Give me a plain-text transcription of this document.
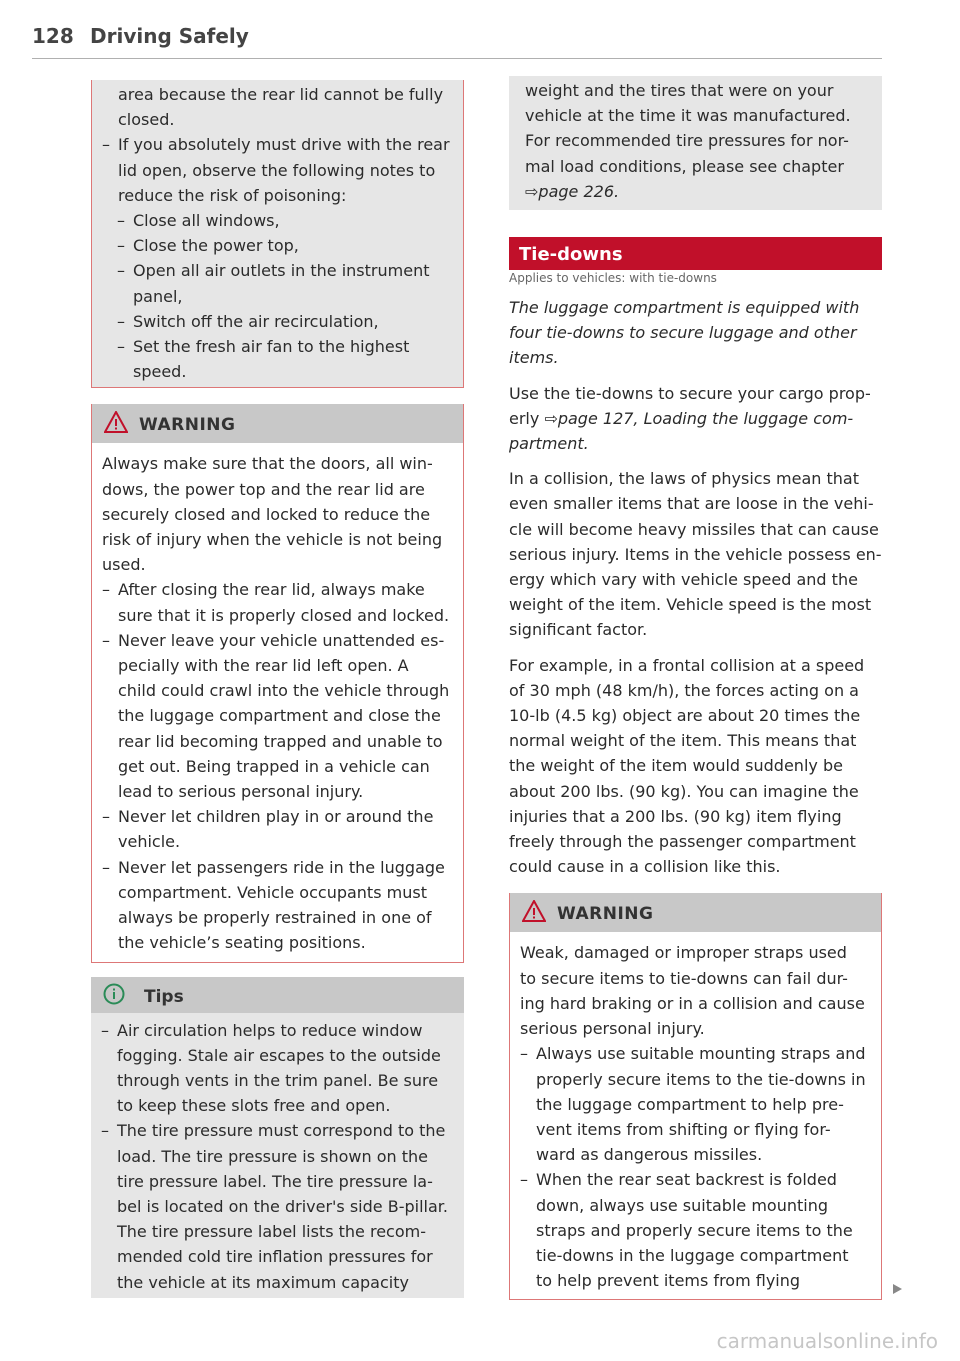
128 Driving Safely

area because the rear lid cannot be fully
closed.

– If you absolutely must drive with the rear
lid open, observe the following notes to
reduce the risk of poisoning:

– Close all windows,

– Close the power top,

– Open all air outlets in the instrument
panel,

– Switch off the air recirculation,

– Set the fresh air fan to the highest
speed.

WARNING

Always make sure that the doors, all win-
dows, the power top and the rear lid are
securely closed and locked to reduce the
risk of injury when the vehicle is not being
used.

– After closing the rear lid, always make
sure that it is properly closed and locked.

– Never leave your vehicle unattended es-
pecially with the rear lid left open. A
child could crawl into the vehicle through
the luggage compartment and close the
rear lid becoming trapped and unable to
get out. Being trapped in a vehicle can
lead to serious personal injury.

– Never let children play in or around the
vehicle.

– Never let passengers ride in the luggage
compartment. Vehicle occupants must
always be properly restrained in one of
the vehicle’s seating positions.

Tips

– Air circulation helps to reduce window
fogging. Stale air escapes to the outside
through vents in the trim panel. Be sure
to keep these slots free and open.

– The tire pressure must correspond to the
load. The tire pressure is shown on the
tire pressure label. The tire pressure la-
bel is located on the driver's side B-pillar.
The tire pressure label lists the recom-
mended cold tire inflation pressures for
the vehicle at its maximum capacity

weight and the tires that were on your
vehicle at the time it was manufactured.
For recommended tire pressures for nor-
mal load conditions, please see chapter
⇨page 226.

Tie-downs

Applies to vehicles: with tie-downs

The luggage compartment is equipped with
four tie-downs to secure luggage and other
items.

Use the tie-downs to secure your cargo prop-
erly ⇨page 127, Loading the luggage com-
partment.

In a collision, the laws of physics mean that
even smaller items that are loose in the vehi-
cle will become heavy missiles that can cause
serious injury. Items in the vehicle possess en-
ergy which vary with vehicle speed and the
weight of the item. Vehicle speed is the most
significant factor.

For example, in a frontal collision at a speed
of 30 mph (48 km/h), the forces acting on a
10-lb (4.5 kg) object are about 20 times the
normal weight of the item. This means that
the weight of the item would suddenly be
about 200 lbs. (90 kg). You can imagine the
injuries that a 200 lbs. (90 kg) item flying
freely through the passenger compartment
could cause in a collision like this.

WARNING

Weak, damaged or improper straps used
to secure items to tie-downs can fail dur-
ing hard braking or in a collision and cause
serious personal injury.

– Always use suitable mounting straps and
properly secure items to the tie-downs in
the luggage compartment to help pre-
vent items from shifting or flying for-
ward as dangerous missiles.

– When the rear seat backrest is folded
down, always use suitable mounting
straps and properly secure items to the
tie-downs in the luggage compartment
to help prevent items from flying

carmanualsonline.info
